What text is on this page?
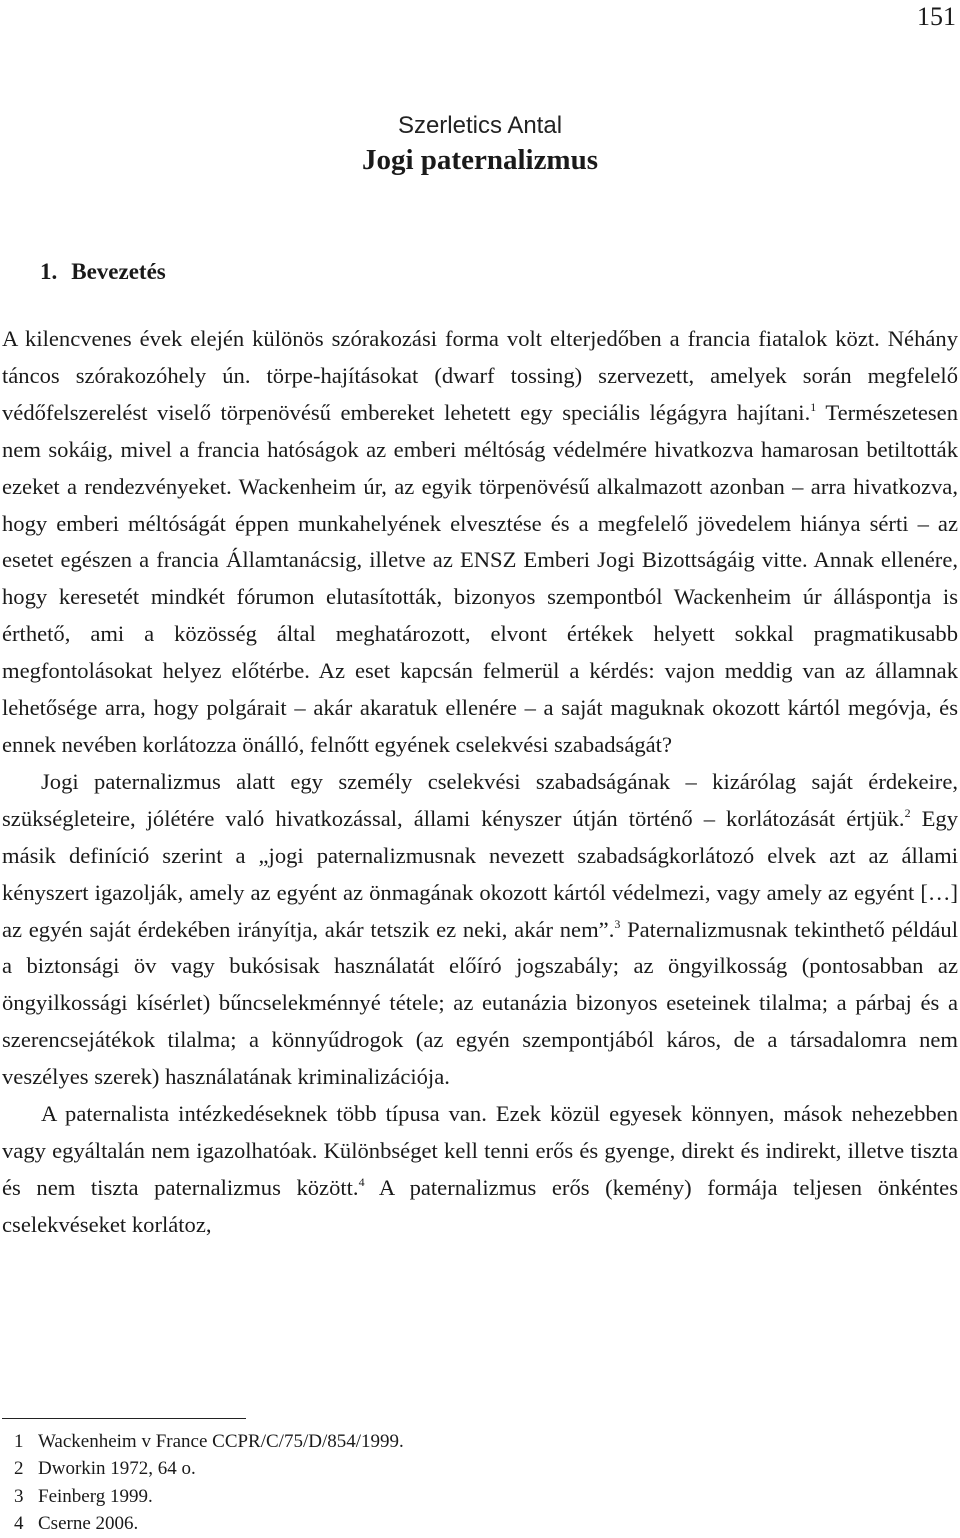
151
Szerletics Antal
Jogi paternalizmus
1. Bevezetés

A kilencvenes évek elején különös szórakozási forma volt elterjedőben a francia fiatalok közt. Néhány táncos szórakozóhely ún. törpe-hajításokat (dwarf tossing) szervezett, amelyek során megfelelő védőfelszerelést viselő törpenövésű embereket lehetett egy speciális légágyra hajítani.$^1$ Természetesen nem sokáig, mivel a francia hatóságok az emberi méltóság védelmére hivatkozva hamarosan betiltották ezeket a rendezvényeket. Wackenheim úr, az egyik törpenövésű alkalmazott azonban – arra hivatkozva, hogy emberi méltóságát éppen munkahelyének elvesztése és a megfelelő jövedelem hiánya sérti – az esetet egészen a francia Államtanácsig, illetve az ENSZ Emberi Jogi Bizottságáig vitte. Annak ellenére, hogy keresetét mindkét fórumon elutasították, bizonyos szempontból Wackenheim úr álláspontja is érthető, ami a közösség által meghatározott, elvont értékek helyett sokkal pragmatikusabb megfontolásokat helyez előtérbe. Az eset kapcsán felmerül a kérdés: vajon meddig van az államnak lehetősége arra, hogy polgárait – akár akaratuk ellenére – a saját maguknak okozott kártól megóvja, és ennek nevében korlátozza önálló, felnőtt egyének cselekvési szabadságát?

Jogi paternalizmus alatt egy személy cselekvési szabadságának – kizárólag saját érdekeire, szükségleteire, jólétére való hivatkozással, állami kényszer útján történő – korlátozását értjük.$^2$ Egy másik definíció szerint a „jogi paternalizmusnak nevezett szabadságkorlátozó elvek azt az állami kényszert igazolják, amely az egyént az önmagának okozott kártól védelmezi, vagy amely az egyént […] az egyén saját érdekében irányítja, akár tetszik ez neki, akár nem”.$^3$ Paternalizmusnak tekinthető például a biztonsági öv vagy bukósisak használatát előíró jogszabály; az öngyilkosság (pontosabban az öngyilkossági kísérlet) bűncselekménnyé tétele; az eutanázia bizonyos eseteinek tilalma; a párbaj és a szerencsejátékok tilalma; a könnyűdrogok (az egyén szempontjából káros, de a társadalomra nem veszélyes szerek) használatának kriminalizációja.

A paternalista intézkedéseknek több típusa van. Ezek közül egyesek könnyen, mások nehezebben vagy egyáltalán nem igazolhatóak. Különbséget kell tenni erős és gyenge, direkt és indirekt, illetve tiszta és nem tiszta paternalizmus között.$^4$ A paternalizmus erős (kemény) formája teljesen önkéntes cselekvéseket korlátoz,

1 Wackenheim v France CCPR/C/75/D/854/1999.
2 Dworkin 1972, 64 o.
3 Feinberg 1999.
4 Cserne 2006.
